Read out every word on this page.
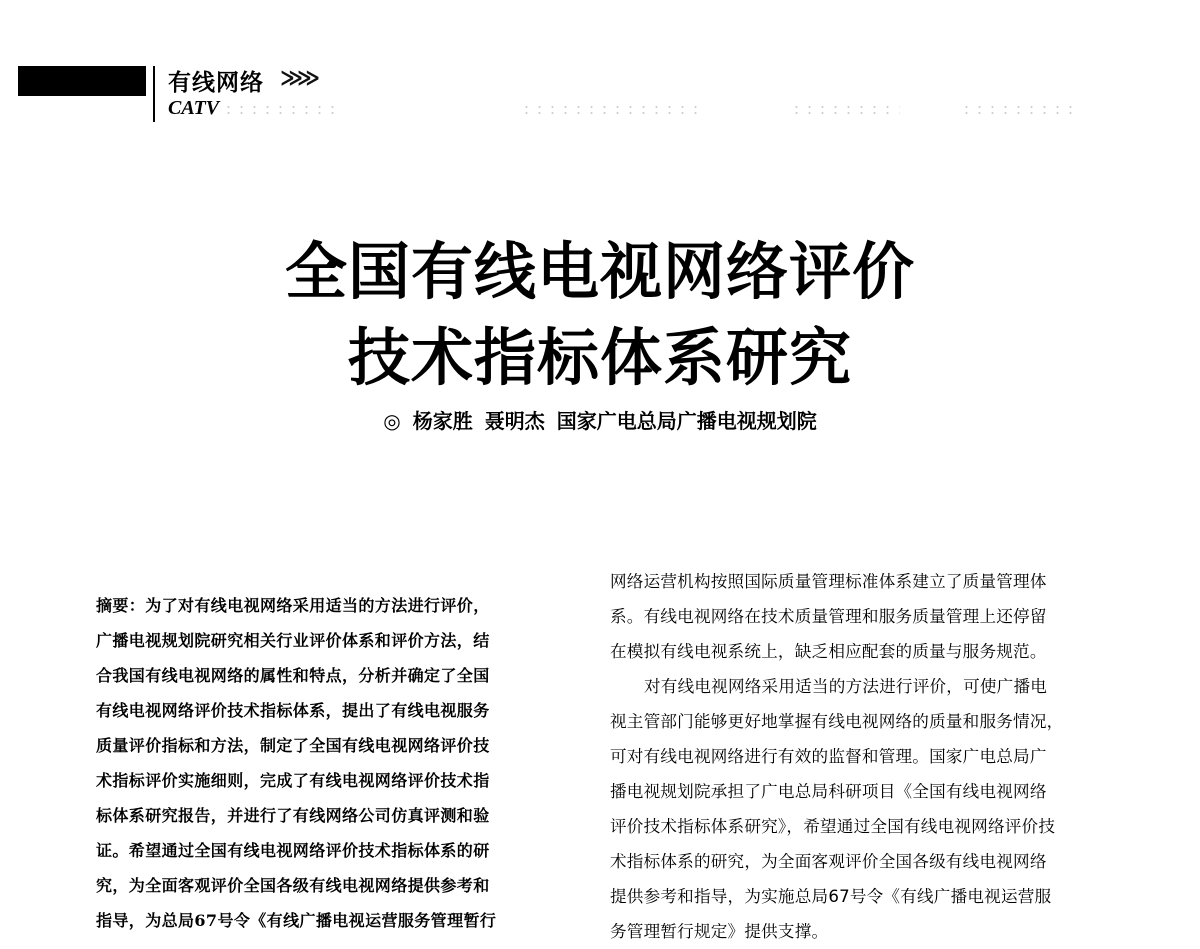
有线网络 ≫≫
CATV
全国有线电视网络评价
技术指标体系研究
◎ 杨家胜 聂明杰 国家广电总局广播电视规划院
摘要：为了对有线电视网络采用适当的方法进行评价，
广播电视规划院研究相关行业评价体系和评价方法，结
合我国有线电视网络的属性和特点，分析并确定了全国
有线电视网络评价技术指标体系，提出了有线电视服务
质量评价指标和方法，制定了全国有线电视网络评价技
术指标评价实施细则，完成了有线电视网络评价技术指
标体系研究报告，并进行了有线网络公司仿真评测和验
证。希望通过全国有线电视网络评价技术指标体系的研
究，为全面客观评价全国各级有线电视网络提供参考和
指导，为总局67号令《有线广播电视运营服务管理暂行
网络运营机构按照国际质量管理标准体系建立了质量管理体
系。有线电视网络在技术质量管理和服务质量管理上还停留
在模拟有线电视系统上，缺乏相应配套的质量与服务规范。
对有线电视网络采用适当的方法进行评价，可使广播电
视主管部门能够更好地掌握有线电视网络的质量和服务情况，
可对有线电视网络进行有效的监督和管理。国家广电总局广
播电视规划院承担了广电总局科研项目《全国有线电视网络
评价技术指标体系研究》，希望通过全国有线电视网络评价技
术指标体系的研究，为全面客观评价全国各级有线电视网络
提供参考和指导，为实施总局67号令《有线广播电视运营服
务管理暂行规定》提供支撑。
